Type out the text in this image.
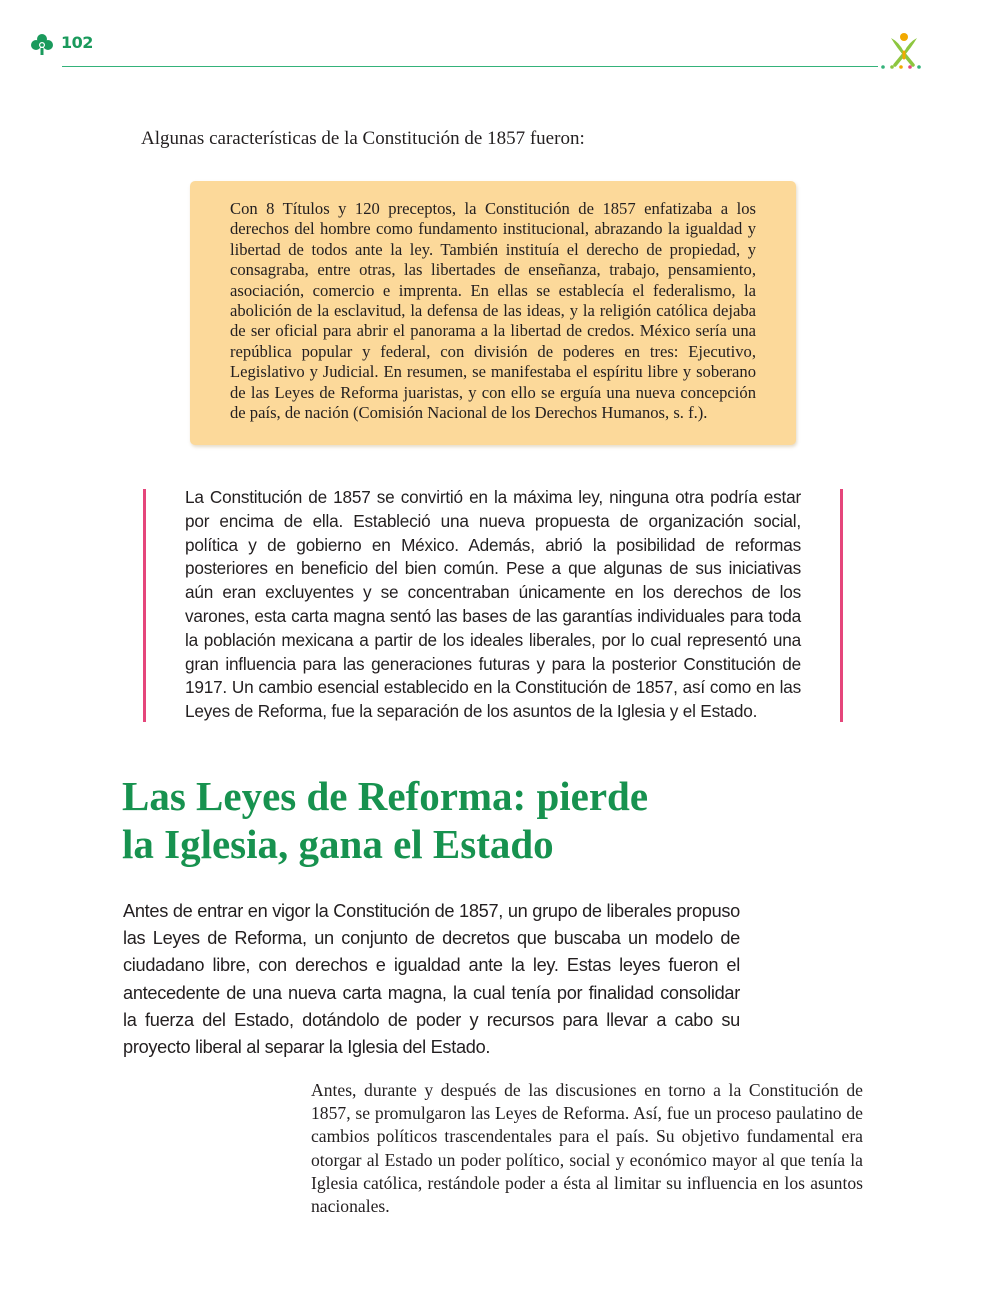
102

Algunas características de la Constitución de 1857 fueron:

Con 8 Títulos y 120 preceptos, la Constitución de 1857 enfatizaba a los derechos del hombre como fundamento institucional, abrazando la igualdad y libertad de todos ante la ley. También instituía el derecho de propiedad, y consagraba, entre otras, las libertades de enseñanza, trabajo, pensamiento, asociación, comercio e imprenta. En ellas se establecía el federalismo, la abolición de la esclavitud, la defensa de las ideas, y la religión católica dejaba de ser oficial para abrir el panorama a la libertad de credos. México sería una república popular y federal, con división de poderes en tres: Ejecutivo, Legislativo y Judicial. En resumen, se manifestaba el espíritu libre y soberano de las Leyes de Reforma juaristas, y con ello se erguía una nueva concepción de país, de nación (Comisión Nacional de los Derechos Humanos, s. f.).

La Constitución de 1857 se convirtió en la máxima ley, ninguna otra podría estar por encima de ella. Estableció una nueva propuesta de organización social, política y de gobierno en México. Además, abrió la posibilidad de reformas posteriores en beneficio del bien común. Pese a que algunas de sus iniciativas aún eran excluyentes y se concentraban únicamente en los derechos de los varones, esta carta magna sentó las bases de las garantías individuales para toda la población mexicana a partir de los ideales liberales, por lo cual representó una gran influencia para las generaciones futuras y para la posterior Constitución de 1917. Un cambio esencial establecido en la Constitución de 1857, así como en las Leyes de Reforma, fue la separación de los asuntos de la Iglesia y el Estado.

Las Leyes de Reforma: pierde
la Iglesia, gana el Estado

Antes de entrar en vigor la Constitución de 1857, un grupo de liberales propuso las Leyes de Reforma, un conjunto de decretos que buscaba un modelo de ciudadano libre, con derechos e igualdad ante la ley. Estas leyes fueron el antecedente de una nueva carta magna, la cual tenía por finalidad consolidar la fuerza del Estado, dotándolo de poder y recursos para llevar a cabo su proyecto liberal al separar la Iglesia del Estado.

Antes, durante y después de las discusiones en torno a la Constitución de 1857, se promulgaron las Leyes de Reforma. Así, fue un proceso paulatino de cambios políticos trascendentales para el país. Su objetivo fundamental era otorgar al Estado un poder político, social y económico mayor al que tenía la Iglesia católica, restándole poder a ésta al limitar su influencia en los asuntos nacionales.
